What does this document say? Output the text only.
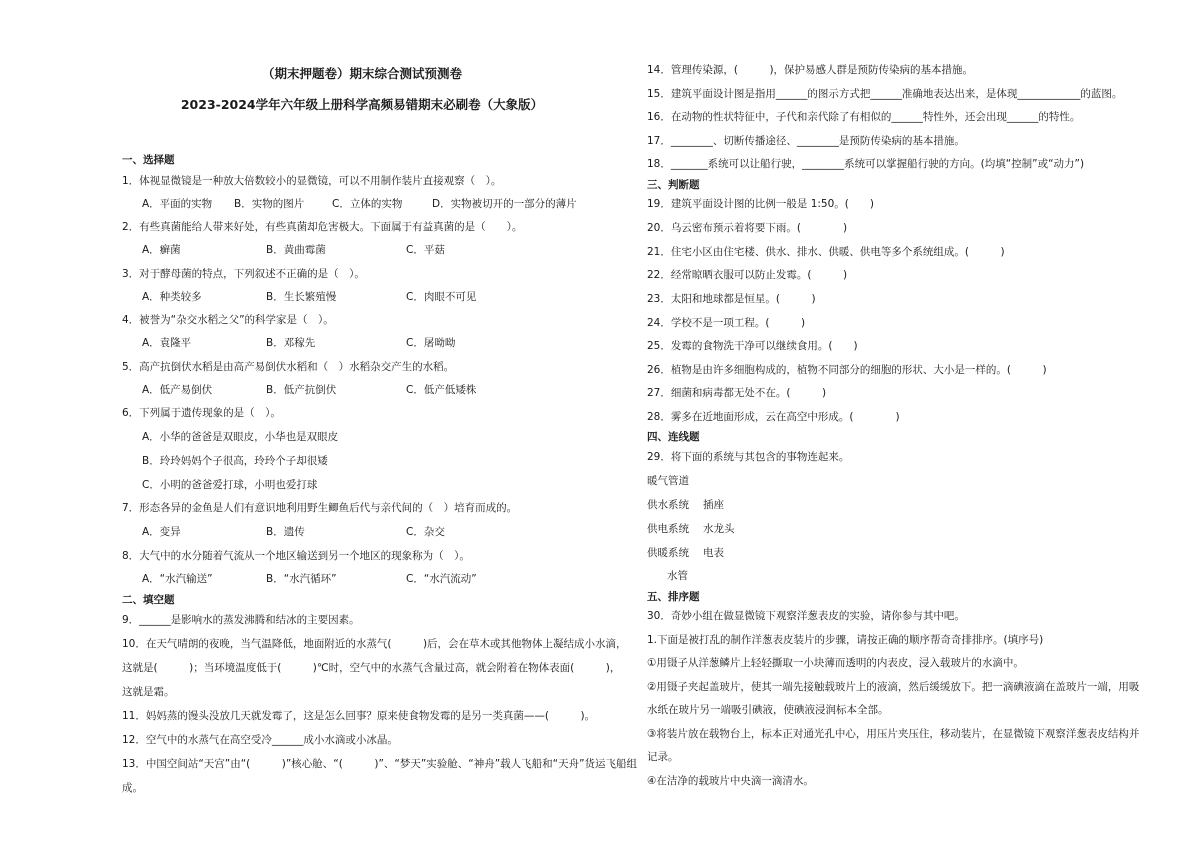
（期末押题卷）期末综合测试预测卷
2023-2024学年六年级上册科学高频易错期末必刷卷（大象版）
一、选择题
1．体视显微镜是一种放大倍数较小的显微镜，可以不用制作装片直接观察（　）。
A．平面的实物 B．实物的图片	C．立体的实物	D．实物被切开的一部分的薄片
2．有些真菌能给人带来好处，有些真菌却危害极大。下面属于有益真菌的是（　　）。
A．癣菌	B．黄曲霉菌	C．平菇
3．对于酵母菌的特点，下列叙述不正确的是（　）。
A．种类较多	B．生长繁殖慢	C．肉眼不可见
4．被誉为“杂交水稻之父”的科学家是（　）。
A．袁隆平	B．邓稼先	C．屠呦呦
5．高产抗倒伏水稻是由高产易倒伏水稻和（　）水稻杂交产生的水稻。
A．低产易倒伏	B．低产抗倒伏	C．低产低矮株
6．下列属于遗传现象的是（　）。
A．小华的爸爸是双眼皮，小华也是双眼皮
B．玲玲妈妈个子很高，玲玲个子却很矮
C．小明的爸爸爱打球，小明也爱打球
7．形态各异的金鱼是人们有意识地利用野生鲫鱼后代与亲代间的（　）培育而成的。
A．变异	B．遗传	C．杂交
8．大气中的水分随着气流从一个地区输送到另一个地区的现象称为（　）。
A．“水汽输送”	B．“水汽循环”	C．“水汽流动”
二、填空题
9．______是影响水的蒸发沸腾和结冰的主要因素。
10．在天气晴朗的夜晚，当气温降低，地面附近的水蒸气(　　　)后，会在草木或其他物体上凝结成小水滴，
这就是(　　　)；当环境温度低于(　　　)℃时，空气中的水蒸气含量过高，就会附着在物体表面(　　　)，
这就是霜。
11．妈妈蒸的馒头没放几天就发霉了，这是怎么回事？原来使食物发霉的是另一类真菌——(　　　)。
12．空气中的水蒸气在高空受冷______成小水滴或小冰晶。
13．中国空间站“天宫”由“(　　　)”核心舱、“(　　　)”、“梦天”实验舱、“神舟”载人飞船和“天舟”货运飞船组
成。
14．管理传染源，(　　　)，保护易感人群是预防传染病的基本措施。
15．建筑平面设计图是指用______的图示方式把______准确地表达出来，是体现____________的蓝图。
16．在动物的性状特征中，子代和亲代除了有相似的______特性外，还会出现______的特性。
17．________、切断传播途径、________是预防传染病的基本措施。
18．_______系统可以让船行驶，________系统可以掌握船行驶的方向。(均填“控制”或“动力”)
三、判断题
19．建筑平面设计图的比例一般是 1:50。(　　)
20．乌云密布预示着将要下雨。(　　　　)
21．住宅小区由住宅楼、供水、排水、供暖、供电等多个系统组成。(　　　)
22．经常晾晒衣服可以防止发霉。(　　　)
23．太阳和地球都是恒星。(　　　)
24．学校不是一项工程。(　　　)
25．发霉的食物洗干净可以继续食用。(　　)
26．植物是由许多细胞构成的，植物不同部分的细胞的形状、大小是一样的。(　　　)
27．细菌和病毒都无处不在。(　　　)
28．雾多在近地面形成，云在高空中形成。(　　　　)
四、连线题
29．将下面的系统与其包含的事物连起来。
暖气管道
供水系统 插座
供电系统 水龙头
供暖系统 电表
水管
五、排序题
30．奇妙小组在做显微镜下观察洋葱表皮的实验，请你参与其中吧。
1.下面是被打乱的制作洋葱表皮装片的步骤，请按正确的顺序帮奇奇排排序。(填序号)
①用镊子从洋葱鳞片上轻轻撕取一小块薄而透明的内表皮，浸入载玻片的水滴中。
②用镊子夹起盖玻片，使其一端先接触载玻片上的液滴，然后缓缓放下。把一滴碘液滴在盖玻片一端，用吸
水纸在玻片另一端吸引碘液，使碘液浸润标本全部。
③将装片放在载物台上，标本正对通光孔中心，用压片夹压住，移动装片，在显微镜下观察洋葱表皮结构并
记录。
④在洁净的载玻片中央滴一滴清水。
